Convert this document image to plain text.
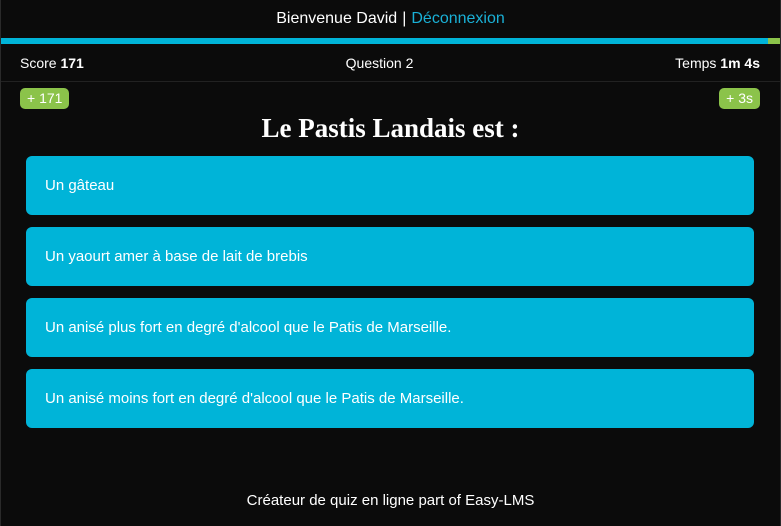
Bienvenue David | Déconnexion
Score 171	Question 2	Temps 1m 4s
+ 171	+ 3s
Le Pastis Landais est :
Un gâteau
Un yaourt amer à base de lait de brebis
Un anisé plus fort en degré d'alcool que le Patis de Marseille.
Un anisé moins fort en degré d'alcool que le Patis de Marseille.
Créateur de quiz en ligne part of Easy-LMS
